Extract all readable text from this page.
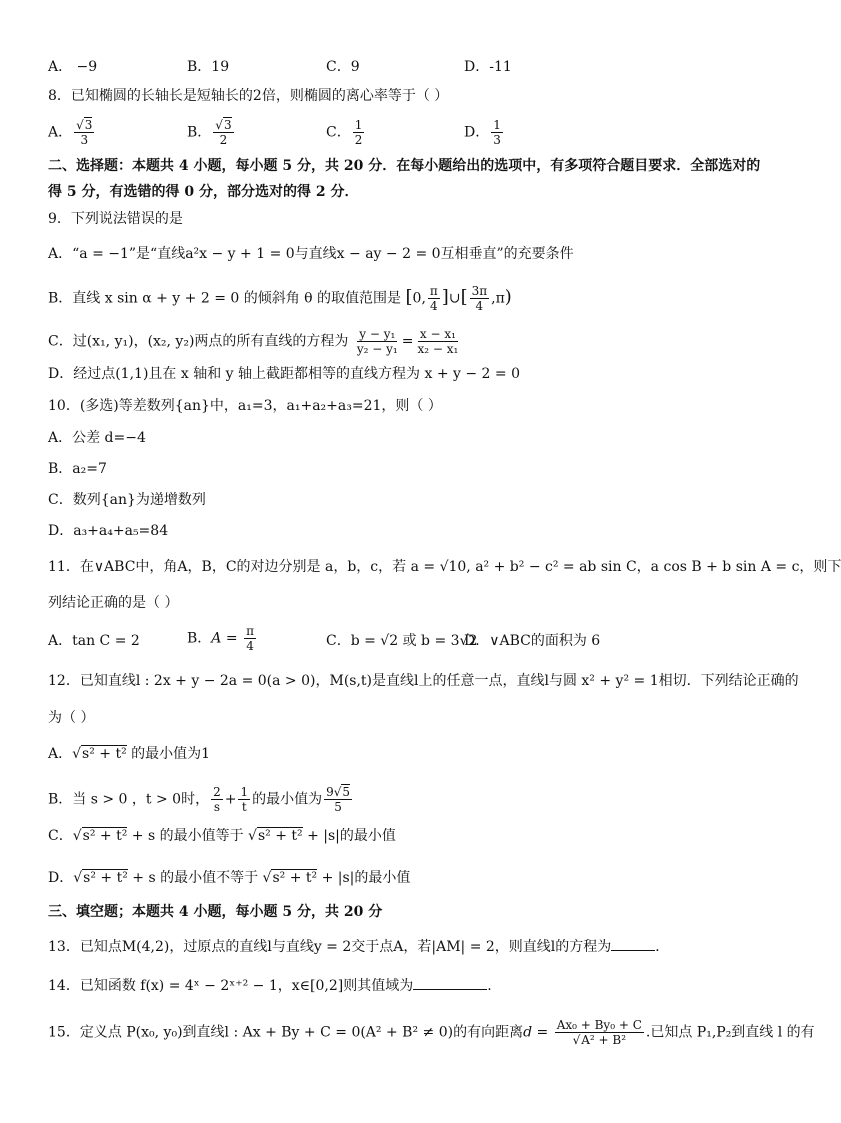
A． −9	B．19	C．9	D．-11
8．已知椭圆的长轴长是短轴长的2倍，则椭圆的离心率等于（ ）
A． $\frac{√3}{3}$	B． $\frac{√3}{2}$	C． $\frac{1}{2}$	D． $\frac{1}{3}$
二、选择题：本题共 4 小题，每小题 5 分，共 20 分．在每小题给出的选项中，有多项符合题目要求．全部选对的
得 5 分，有选错的得 0 分，部分选对的得 2 分．
9．下列说法错误的是
A．“a = −1”是“直线a²x − y + 1 = 0与直线x − ay − 2 = 0互相垂直”的充要条件
B．直线 x sin α + y + 2 = 0 的倾斜角 θ 的取值范围是 [0, $\frac{\pi}{4}$ ]∪[ $\frac{3\pi}{4} ,\pi$)
C．过(x₁, y₁)，(x₂, y₂)两点的所有直线的方程为 $\frac{\text{y − y₁}}{\text{y₂ − y₁}} = \frac{\text{x − x₁}}{\text{x₂ − x₁}}$
D．经过点(1,1)且在 x 轴和 y 轴上截距都相等的直线方程为 x + y − 2 = 0
10．(多选)等差数列{an}中，a₁=3，a₁+a₂+a₃=21，则（ ）
A．公差 d=−4
B．a₂=7
C．数列{an}为递增数列
D．a₃+a₄+a₅=84
11．在∨ABC中，角A，B，C的对边分别是 a，b，c，若 a = √10, a² + b² − c² = ab sin C，a cos B + b sin A = c，则下
列结论正确的是（ ）
A．tan C = 2	B．$A = \frac{\pi}{4}$	C．b = √2 或 b = 3√2
D．∨ABC的面积为 6
12．已知直线l : 2x + y − 2a = 0(a > 0)，M(s,t)是直线l上的任意一点，直线l与圆 x² + y² = 1相切．下列结论正确的
为（ ）
A．√s² + t² 的最小值为1
B．当 s > 0 ，t > 0时， $\frac{2}{s} + \frac{1}{t}$ 的最小值为 $\frac{9√5}{5}$
C．√s² + t² + s 的最小值等于 √s² + t² + |s|的最小值
D．√s² + t² + s 的最小值不等于 √s² + t² + |s|的最小值
三、填空题；本题共 4 小题，每小题 5 分，共 20 分
13．已知点M(4,2)，过原点的直线l与直线y = 2交于点A，若|AM| = 2，则直线l的方程为	．
14．已知函数 f(x) = 4ˣ − 2ˣ⁺² − 1，x∈[0,2]则其值域为	.
15．定义点 P(x₀, y₀)到直线l : Ax + By + C = 0(A² + B² ≠ 0)的有向距离$d = \frac{\text{Ax₀ + By₀ + C}}{\text{√A² + B²}}$ .已知点 P₁,P₂到直线 l 的有
